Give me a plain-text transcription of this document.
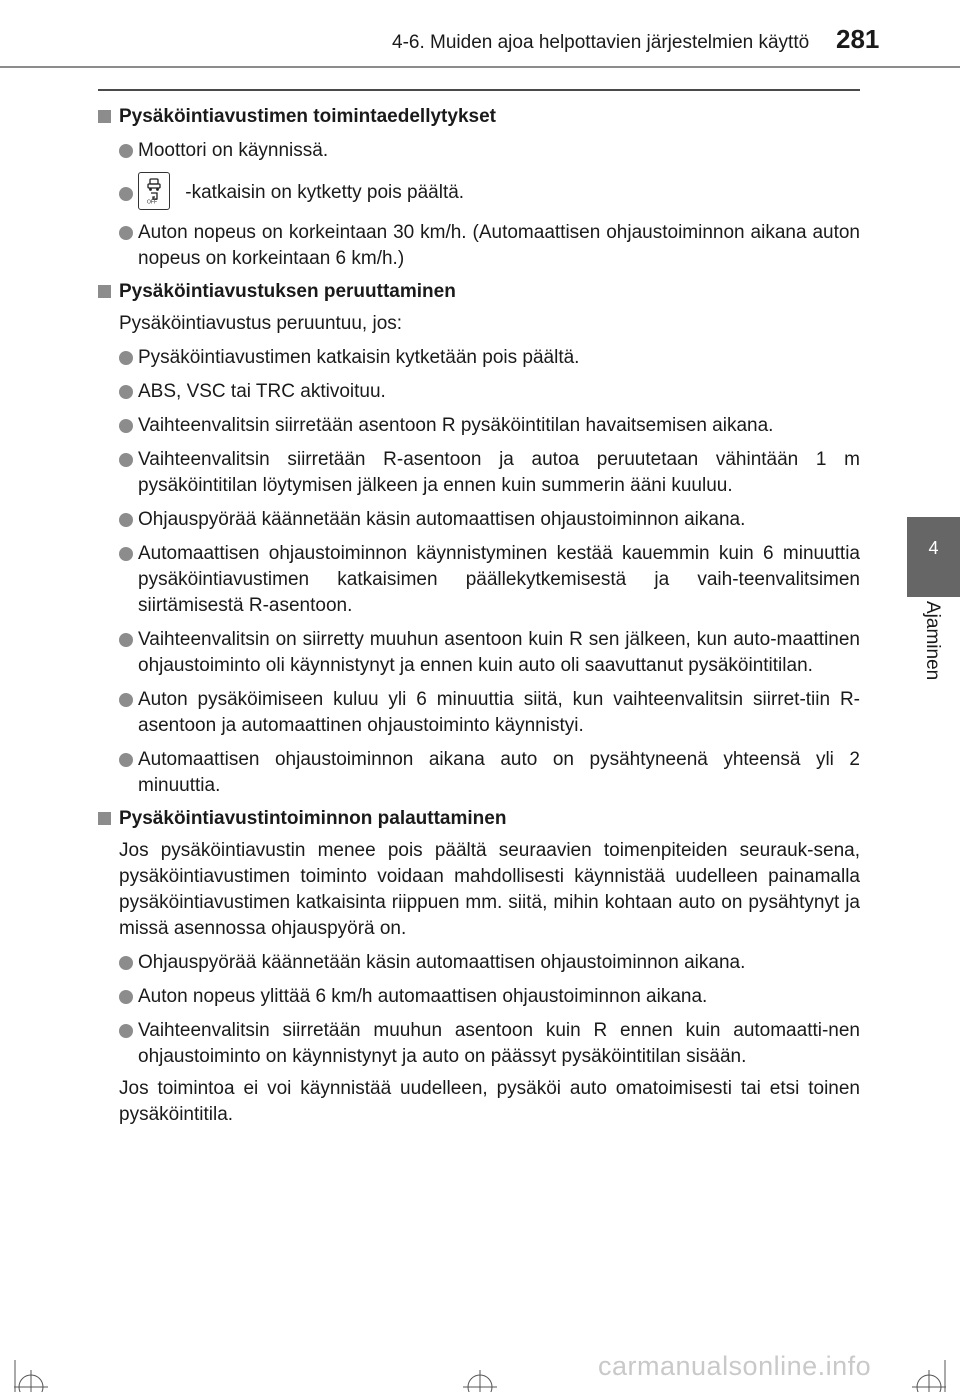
4-6. Muiden ajoa helpottavien järjestelmien käyttö 281
4
Ajaminen
Pysäköintiavustimen toimintaedellytykset
Moottori on käynnissä.
OFF -katkaisin on kytketty pois päältä.
Auton nopeus on korkeintaan 30 km/h. (Automaattisen ohjaustoiminnon aikana auton nopeus on korkeintaan 6 km/h.)
Pysäköintiavustuksen peruuttaminen
Pysäköintiavustus peruuntuu, jos:
Pysäköintiavustimen katkaisin kytketään pois päältä.
ABS, VSC tai TRC aktivoituu.
Vaihteenvalitsin siirretään asentoon R pysäköintitilan havaitsemisen aikana.
Vaihteenvalitsin siirretään R-asentoon ja autoa peruutetaan vähintään 1 m pysäköintitilan löytymisen jälkeen ja ennen kuin summerin ääni kuuluu.
Ohjauspyörää käännetään käsin automaattisen ohjaustoiminnon aikana.
Automaattisen ohjaustoiminnon käynnistyminen kestää kauemmin kuin 6 minuuttia pysäköintiavustimen katkaisimen päällekytkemisestä ja vaih-teenvalitsimen siirtämisestä R-asentoon.
Vaihteenvalitsin on siirretty muuhun asentoon kuin R sen jälkeen, kun auto-maattinen ohjaustoiminto oli käynnistynyt ja ennen kuin auto oli saavuttanut pysäköintitilan.
Auton pysäköimiseen kuluu yli 6 minuuttia siitä, kun vaihteenvalitsin siirret-tiin R-asentoon ja automaattinen ohjaustoiminto käynnistyi.
Automaattisen ohjaustoiminnon aikana auto on pysähtyneenä yhteensä yli 2 minuuttia.
Pysäköintiavustintoiminnon palauttaminen
Jos pysäköintiavustin menee pois päältä seuraavien toimenpiteiden seurauk-sena, pysäköintiavustimen toiminto voidaan mahdollisesti käynnistää uudelleen painamalla pysäköintiavustimen katkaisinta riippuen mm. siitä, mihin kohtaan auto on pysähtynyt ja missä asennossa ohjauspyörä on.
Ohjauspyörää käännetään käsin automaattisen ohjaustoiminnon aikana.
Auton nopeus ylittää 6 km/h automaattisen ohjaustoiminnon aikana.
Vaihteenvalitsin siirretään muuhun asentoon kuin R ennen kuin automaatti-nen ohjaustoiminto on käynnistynyt ja auto on päässyt pysäköintitilan sisään.
Jos toimintoa ei voi käynnistää uudelleen, pysäköi auto omatoimisesti tai etsi toinen pysäköintitila.
carmanualsonline.info
